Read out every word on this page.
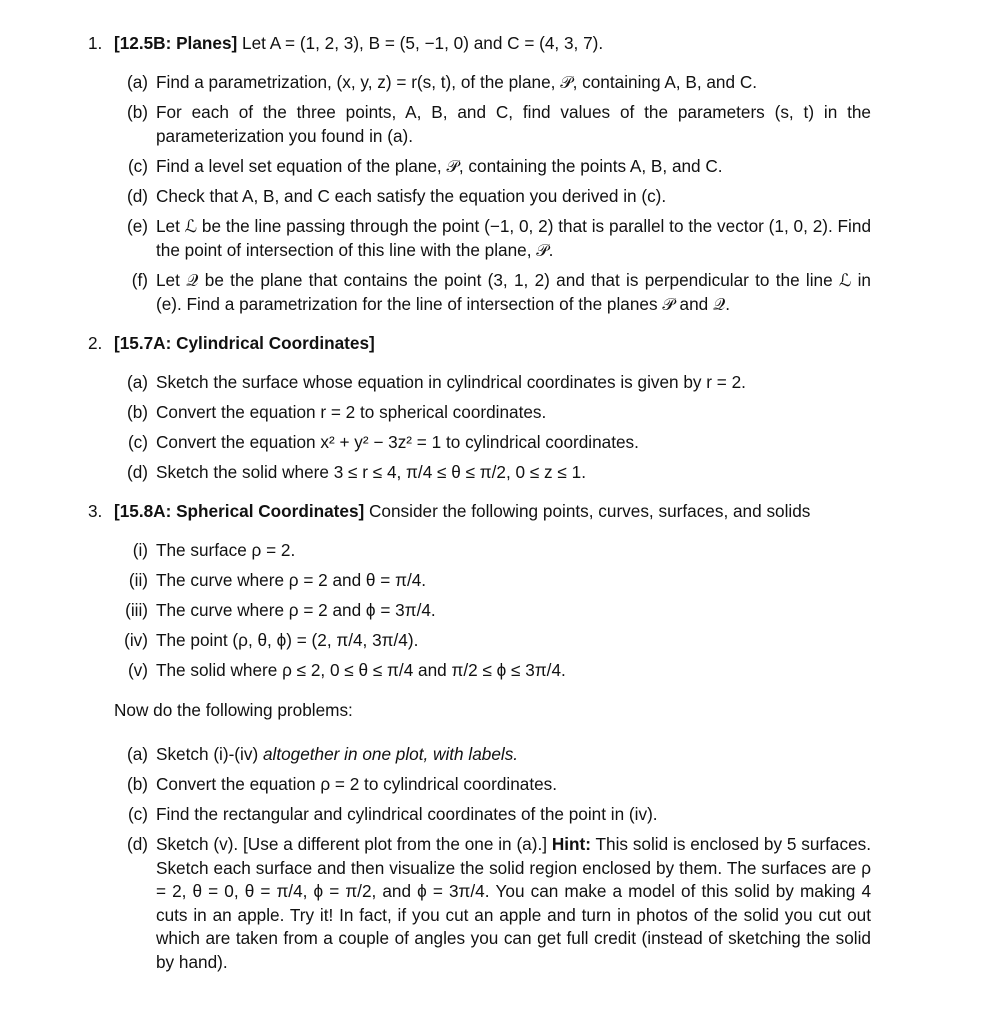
1. [12.5B: Planes] Let A = (1, 2, 3), B = (5, −1, 0) and C = (4, 3, 7).
(a) Find a parametrization, (x, y, z) = r(s, t), of the plane, 𝒫, containing A, B, and C.
(b) For each of the three points, A, B, and C, find values of the parameters (s, t) in the parameterization you found in (a).
(c) Find a level set equation of the plane, 𝒫, containing the points A, B, and C.
(d) Check that A, B, and C each satisfy the equation you derived in (c).
(e) Let ℒ be the line passing through the point (−1, 0, 2) that is parallel to the vector (1, 0, 2). Find the point of intersection of this line with the plane, 𝒫.
(f) Let 𝒬 be the plane that contains the point (3, 1, 2) and that is perpendicular to the line ℒ in (e). Find a parametrization for the line of intersection of the planes 𝒫 and 𝒬.
2. [15.7A: Cylindrical Coordinates]
(a) Sketch the surface whose equation in cylindrical coordinates is given by r = 2.
(b) Convert the equation r = 2 to spherical coordinates.
(c) Convert the equation x² + y² − 3z² = 1 to cylindrical coordinates.
(d) Sketch the solid where 3 ≤ r ≤ 4, π/4 ≤ θ ≤ π/2, 0 ≤ z ≤ 1.
3. [15.8A: Spherical Coordinates] Consider the following points, curves, surfaces, and solids
(i) The surface ρ = 2.
(ii) The curve where ρ = 2 and θ = π/4.
(iii) The curve where ρ = 2 and ϕ = 3π/4.
(iv) The point (ρ, θ, ϕ) = (2, π/4, 3π/4).
(v) The solid where ρ ≤ 2, 0 ≤ θ ≤ π/4 and π/2 ≤ ϕ ≤ 3π/4.
Now do the following problems:
(a) Sketch (i)-(iv) altogether in one plot, with labels.
(b) Convert the equation ρ = 2 to cylindrical coordinates.
(c) Find the rectangular and cylindrical coordinates of the point in (iv).
(d) Sketch (v). [Use a different plot from the one in (a).] Hint: This solid is enclosed by 5 surfaces. Sketch each surface and then visualize the solid region enclosed by them. The surfaces are ρ = 2, θ = 0, θ = π/4, ϕ = π/2, and ϕ = 3π/4. You can make a model of this solid by making 4 cuts in an apple. Try it! In fact, if you cut an apple and turn in photos of the solid you cut out which are taken from a couple of angles you can get full credit (instead of sketching the solid by hand).
